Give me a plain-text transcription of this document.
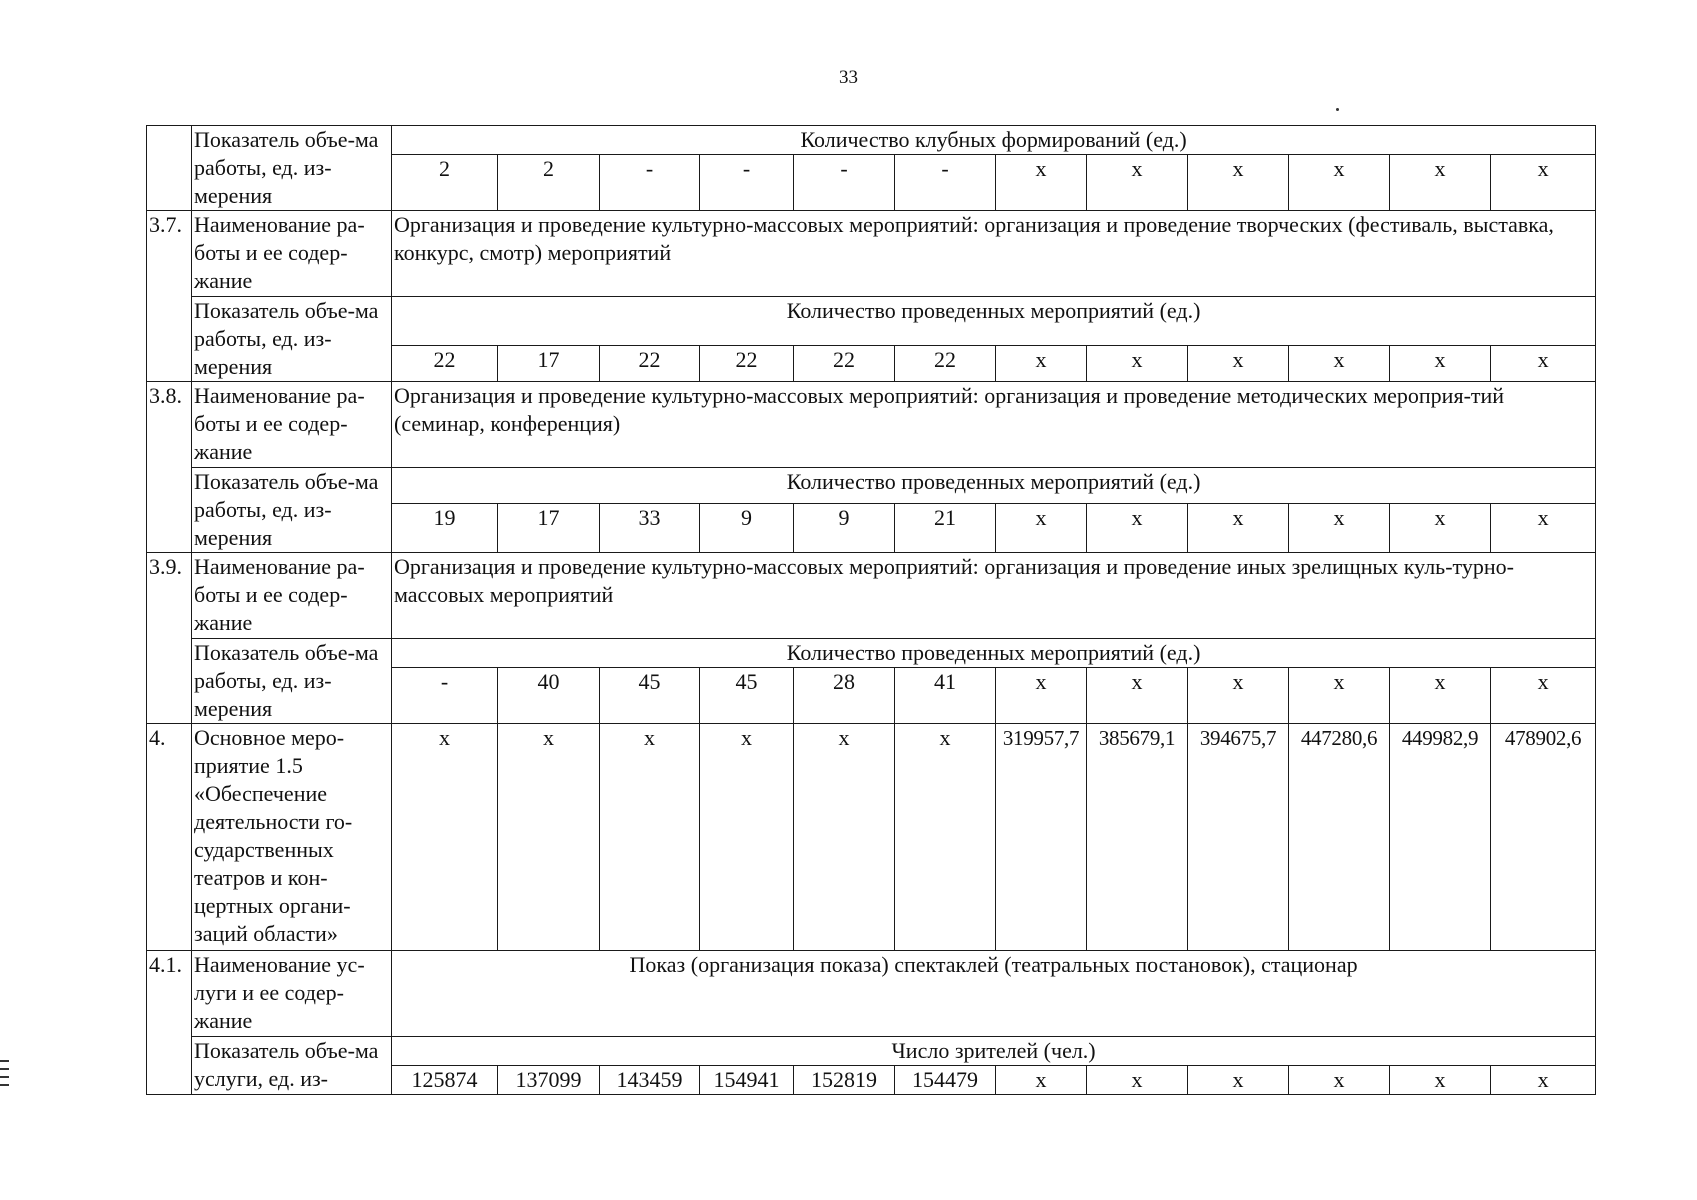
33
	Показатель объе-ма работы, ед. из-мерения	Количество клубных формирований (ед.)											
		2	2	-	-	-	-	x	x	x	x	x	x
3.7.	Наименование ра-боты и ее содер-жание	Организация и проведение культурно-массовых мероприятий: организация и проведение творческих (фестиваль, выставка, конкурс, смотр) мероприятий											
	Показатель объе-ма работы, ед. из-мерения	Количество проведенных мероприятий (ед.)											
		22	17	22	22	22	22	x	x	x	x	x	x
3.8.	Наименование ра-боты и ее содер-жание	Организация и проведение культурно-массовых мероприятий: организация и проведение методических мероприя-тий (семинар, конференция)											
	Показатель объе-ма работы, ед. из-мерения	Количество проведенных мероприятий (ед.)											
		19	17	33	9	9	21	x	x	x	x	x	x
3.9.	Наименование ра-боты и ее содер-жание	Организация и проведение культурно-массовых мероприятий: организация и проведение иных зрелищных куль-турно-массовых мероприятий											
	Показатель объе-ма работы, ед. из-мерения	Количество проведенных мероприятий (ед.)											
		-	40	45	45	28	41	x	x	x	x	x	x
4.	Основное меро-приятие 1.5 «Обеспечение деятельности го-сударственных театров и кон-цертных органи-заций области»	x	x	x	x	x	x	319957,7	385679,1	394675,7	447280,6	449982,9	478902,6
4.1.	Наименование ус-луги и ее содер-жание	Показ (организация показа) спектаклей (театральных постановок), стационар											
	Показатель объе-ма услуги, ед. из-	Число зрителей (чел.)											
		125874	137099	143459	154941	152819	154479	x	x	x	x	x	x
